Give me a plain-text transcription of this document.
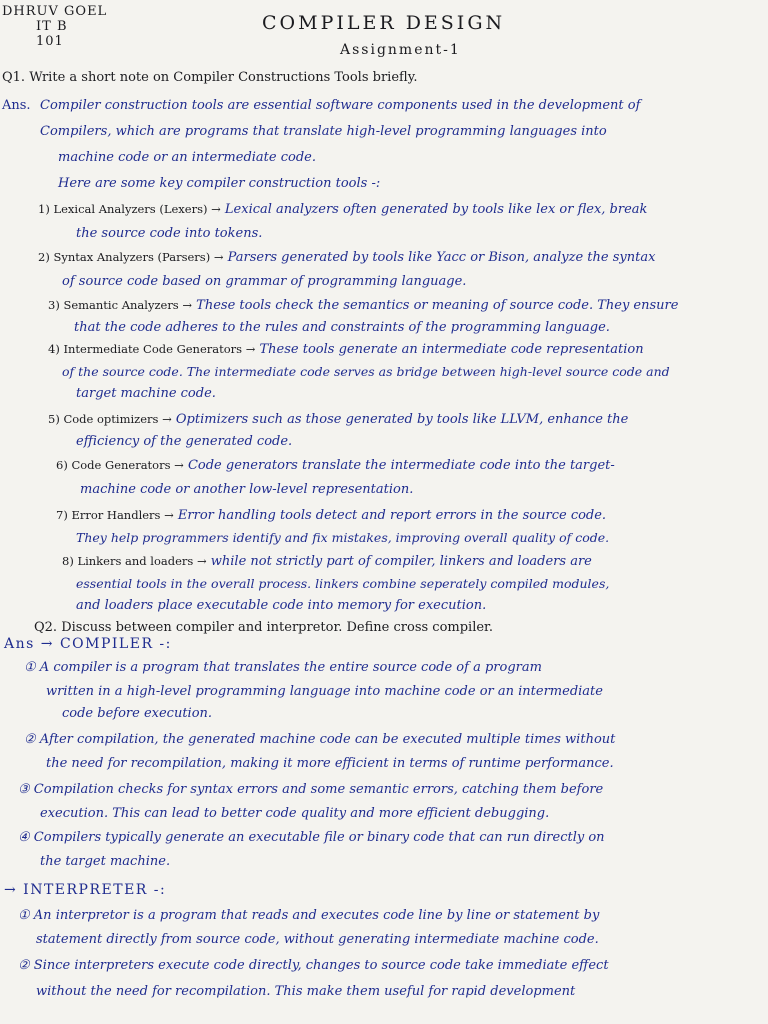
DHRUV GOEL
IT B
101
COMPILER DESIGN
Assignment-1
Q1. Write a short note on Compiler Constructions Tools briefly.
Ans. Compiler construction tools are essential software components used in the development of
Compilers, which are programs that translate high-level programming languages into
machine code or an intermediate code.
Here are some key compiler construction tools -:
1) Lexical Analyzers (Lexers) → Lexical analyzers often generated by tools like lex or flex, break
the source code into tokens.
2) Syntax Analyzers (Parsers) → Parsers generated by tools like Yacc or Bison, analyze the syntax
of source code based on grammar of programming language.
3) Semantic Analyzers → These tools check the semantics or meaning of source code. They ensure
that the code adheres to the rules and constraints of the programming language.
4) Intermediate Code Generators → These tools generate an intermediate code representation
of the source code. The intermediate code serves as bridge between high-level source code and
target machine code.
5) Code optimizers → Optimizers such as those generated by tools like LLVM, enhance the
efficiency of the generated code.
6) Code Generators → Code generators translate the intermediate code into the target-
machine code or another low-level representation.
7) Error Handlers → Error handling tools detect and report errors in the source code.
They help programmers identify and fix mistakes, improving overall quality of code.
8) Linkers and loaders → while not strictly part of compiler, linkers and loaders are
essential tools in the overall process. linkers combine seperately compiled modules,
and loaders place executable code into memory for execution.
Q2. Discuss between compiler and interpretor. Define cross compiler.
Ans → COMPILER -:
① A compiler is a program that translates the entire source code of a program
written in a high-level programming language into machine code or an intermediate
code before execution.
② After compilation, the generated machine code can be executed multiple times without
the need for recompilation, making it more efficient in terms of runtime performance.
③ Compilation checks for syntax errors and some semantic errors, catching them before
execution. This can lead to better code quality and more efficient debugging.
④ Compilers typically generate an executable file or binary code that can run directly on
the target machine.
→ INTERPRETER -:
① An interpretor is a program that reads and executes code line by line or statement by
statement directly from source code, without generating intermediate machine code.
② Since interpreters execute code directly, changes to source code take immediate effect
without the need for recompilation. This make them useful for rapid development
